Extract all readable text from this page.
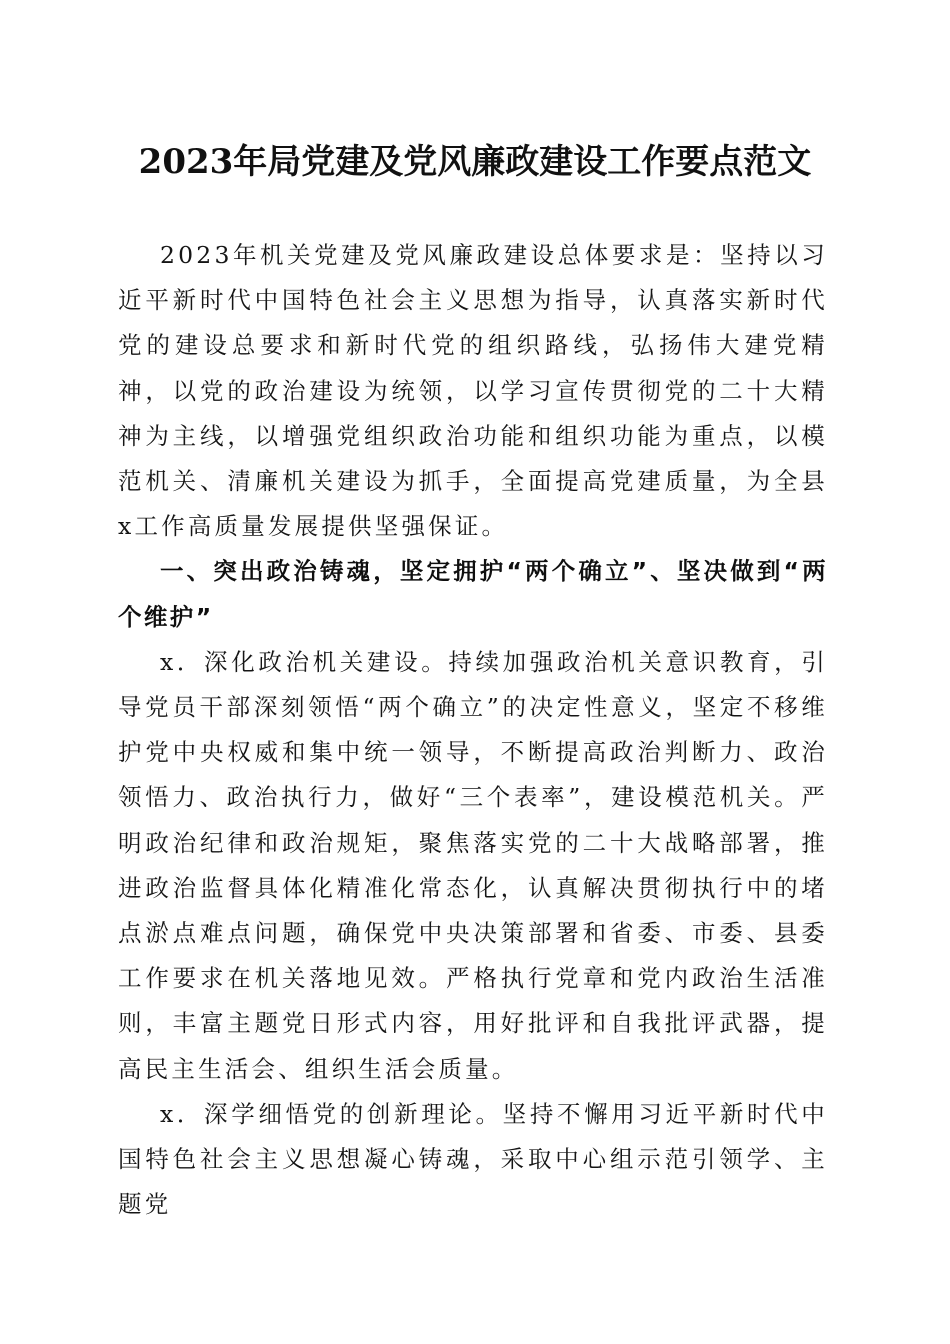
2023年局党建及党风廉政建设工作要点范文

2023年机关党建及党风廉政建设总体要求是：坚持以习近平新时代中国特色社会主义思想为指导，认真落实新时代党的建设总要求和新时代党的组织路线，弘扬伟大建党精神，以党的政治建设为统领，以学习宣传贯彻党的二十大精神为主线，以增强党组织政治功能和组织功能为重点，以模范机关、清廉机关建设为抓手，全面提高党建质量，为全县x工作高质量发展提供坚强保证。

一、突出政治铸魂，坚定拥护“两个确立”、坚决做到“两个维护”

x．深化政治机关建设。持续加强政治机关意识教育，引导党员干部深刻领悟“两个确立”的决定性意义，坚定不移维护党中央权威和集中统一领导，不断提高政治判断力、政治领悟力、政治执行力，做好“三个表率”，建设模范机关。严明政治纪律和政治规矩，聚焦落实党的二十大战略部署，推进政治监督具体化精准化常态化，认真解决贯彻执行中的堵点淤点难点问题，确保党中央决策部署和省委、市委、县委工作要求在机关落地见效。严格执行党章和党内政治生活准则，丰富主题党日形式内容，用好批评和自我批评武器，提高民主生活会、组织生活会质量。

x．深学细悟党的创新理论。坚持不懈用习近平新时代中国特色社会主义思想凝心铸魂，采取中心组示范引领学、主题党
